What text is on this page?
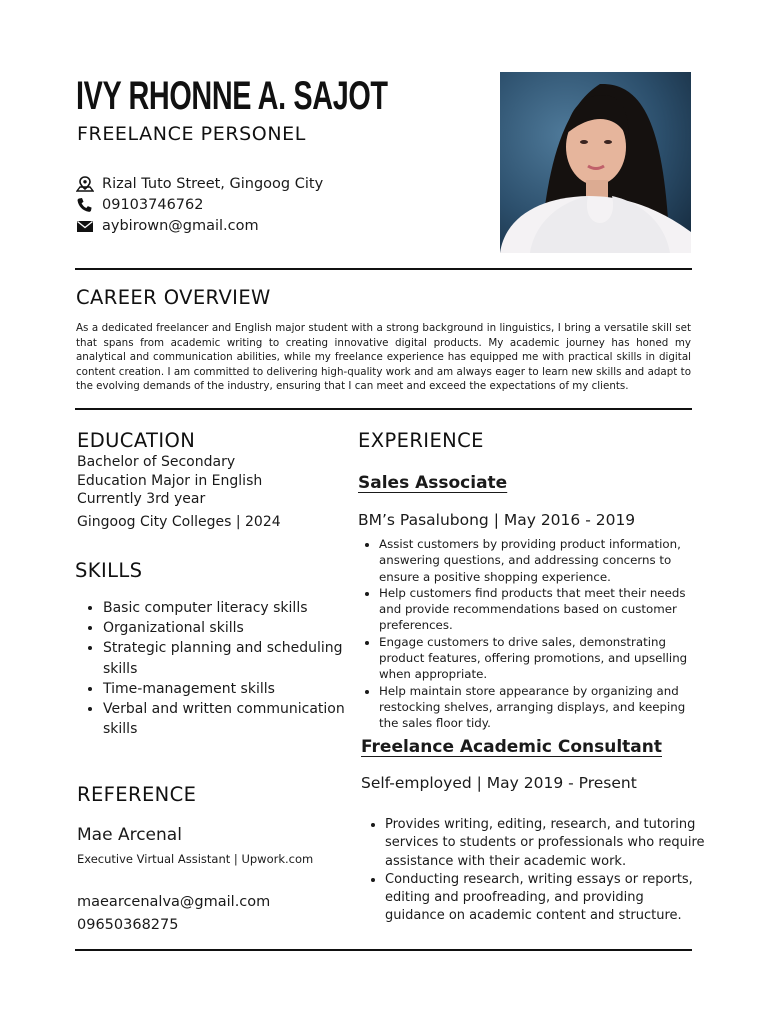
IVY RHONNE A. SAJOT
FREELANCE PERSONEL
Rizal Tuto Street, Gingoog City
09103746762
aybirown@gmail.com
CAREER OVERVIEW

As a dedicated freelancer and English major student with a strong background in linguistics, I bring a versatile skill set that spans from academic writing to creating innovative digital products. My academic journey has honed my analytical and communication abilities, while my freelance experience has equipped me with practical skills in digital content creation. I am committed to delivering high-quality work and am always eager to learn new skills and adapt to the evolving demands of the industry, ensuring that I can meet and exceed the expectations of my clients.

EDUCATION
Bachelor of Secondary
Education Major in English
Currently 3rd year
Gingoog City Colleges | 2024
SKILLS
• Basic computer literacy skills
• Organizational skills
• Strategic planning and scheduling skills
• Time-management skills
• Verbal and written communication skills
REFERENCE
Mae Arcenal
Executive Virtual Assistant | Upwork.com
maearcenalva@gmail.com
09650368275
EXPERIENCE
Sales Associate
BM’s Pasalubong | May 2016 - 2019
• Assist customers by providing product information, answering questions, and addressing concerns to ensure a positive shopping experience.
• Help customers find products that meet their needs and provide recommendations based on customer preferences.
• Engage customers to drive sales, demonstrating product features, offering promotions, and upselling when appropriate.
• Help maintain store appearance by organizing and restocking shelves, arranging displays, and keeping the sales floor tidy.
Freelance Academic Consultant
Self-employed | May 2019 - Present
• Provides writing, editing, research, and tutoring services to students or professionals who require assistance with their academic work.
• Conducting research, writing essays or reports, editing and proofreading, and providing guidance on academic content and structure.
